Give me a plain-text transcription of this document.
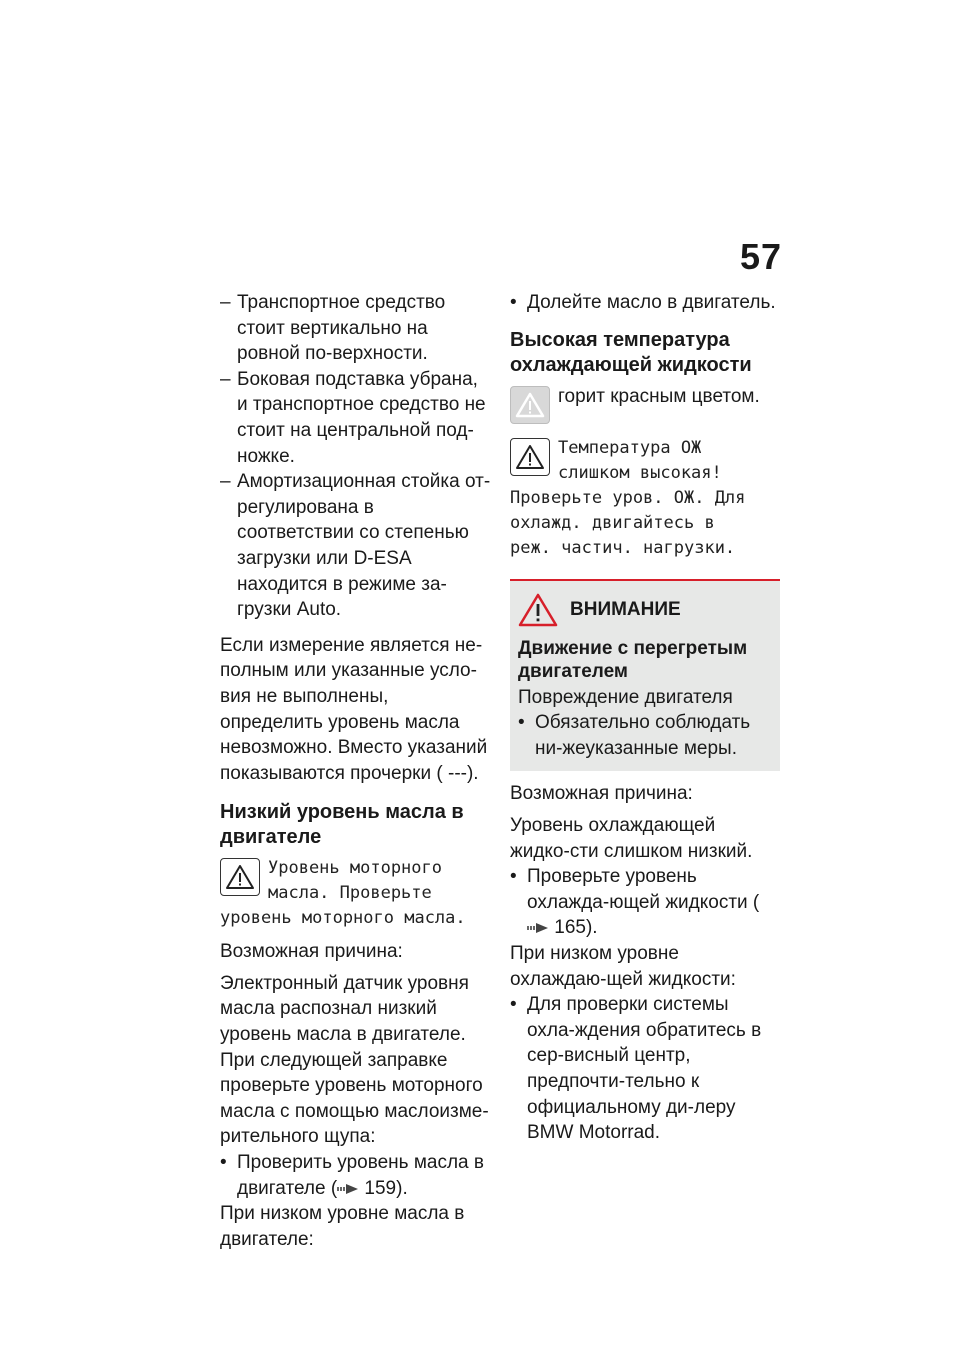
57

– Транспортное средство стоит вертикально на ровной по-верхности.

– Боковая подставка убрана, и транспортное средство не стоит на центральной под-ножке.

– Амортизационная стойка от-регулирована в соответствии со степенью загрузки или D-ESA находится в режиме за-грузки Auto.

Если измерение является не-полным или указанные усло-вия не выполнены, определить уровень масла невозможно. Вместо указаний показываются прочерки ( ---).

Низкий уровень масла в двигателе

Уровень моторного
масла. Проверьте
уровень моторного масла.

Возможная причина:

Электронный датчик уровня масла распознал низкий уровень масла в двигателе. При следующей заправке проверьте уровень моторного масла с помощью маслоизме-рительного щупа:

• Проверить уровень масла в двигателе ( 159).

При низком уровне масла в двигателе:

• Долейте масло в двигатель.

Высокая температура охлаждающей жидкости

горит красным цветом.

Температура ОЖ
слишком высокая!
Проверьте уров. ОЖ. Для
охлажд. двигайтесь в
реж. частич. нагрузки.
ВНИМАНИЕ

Движение с перегретым двигателем

Повреждение двигателя

• Обязательно соблюдать ни-жеуказанные меры.

Возможная причина:

Уровень охлаждающей жидко-сти слишком низкий.

• Проверьте уровень охлажда-ющей жидкости ( 165).

При низком уровне охлаждаю-щей жидкости:

• Для проверки системы охла-ждения обратитесь в сер-висный центр, предпочти-тельно к официальному ди-леру BMW Motorrad.
